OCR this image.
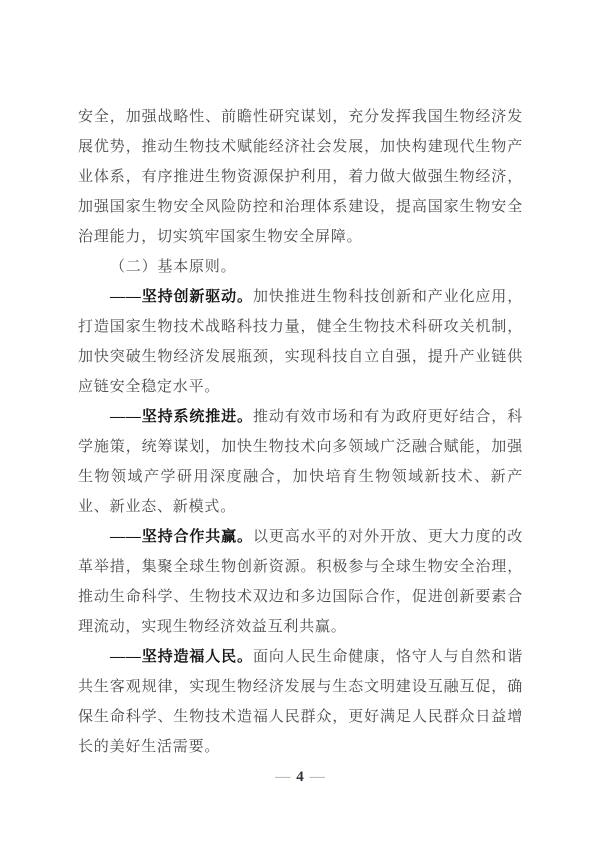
安全，加强战略性、前瞻性研究谋划，充分发挥我国生物经济发
展优势，推动生物技术赋能经济社会发展，加快构建现代生物产
业体系，有序推进生物资源保护利用，着力做大做强生物经济，
加强国家生物安全风险防控和治理体系建设，提高国家生物安全
治理能力，切实筑牢国家生物安全屏障。
（二）基本原则。
——坚持创新驱动。加快推进生物科技创新和产业化应用，
打造国家生物技术战略科技力量，健全生物技术科研攻关机制，
加快突破生物经济发展瓶颈，实现科技自立自强，提升产业链供
应链安全稳定水平。
——坚持系统推进。推动有效市场和有为政府更好结合，科
学施策，统筹谋划，加快生物技术向多领域广泛融合赋能，加强
生物领域产学研用深度融合，加快培育生物领域新技术、新产
业、新业态、新模式。
——坚持合作共赢。以更高水平的对外开放、更大力度的改
革举措，集聚全球生物创新资源。积极参与全球生物安全治理，
推动生命科学、生物技术双边和多边国际合作，促进创新要素合
理流动，实现生物经济效益互利共赢。
——坚持造福人民。面向人民生命健康，恪守人与自然和谐
共生客观规律，实现生物经济发展与生态文明建设互融互促，确
保生命科学、生物技术造福人民群众，更好满足人民群众日益增
长的美好生活需要。
— 4 —
